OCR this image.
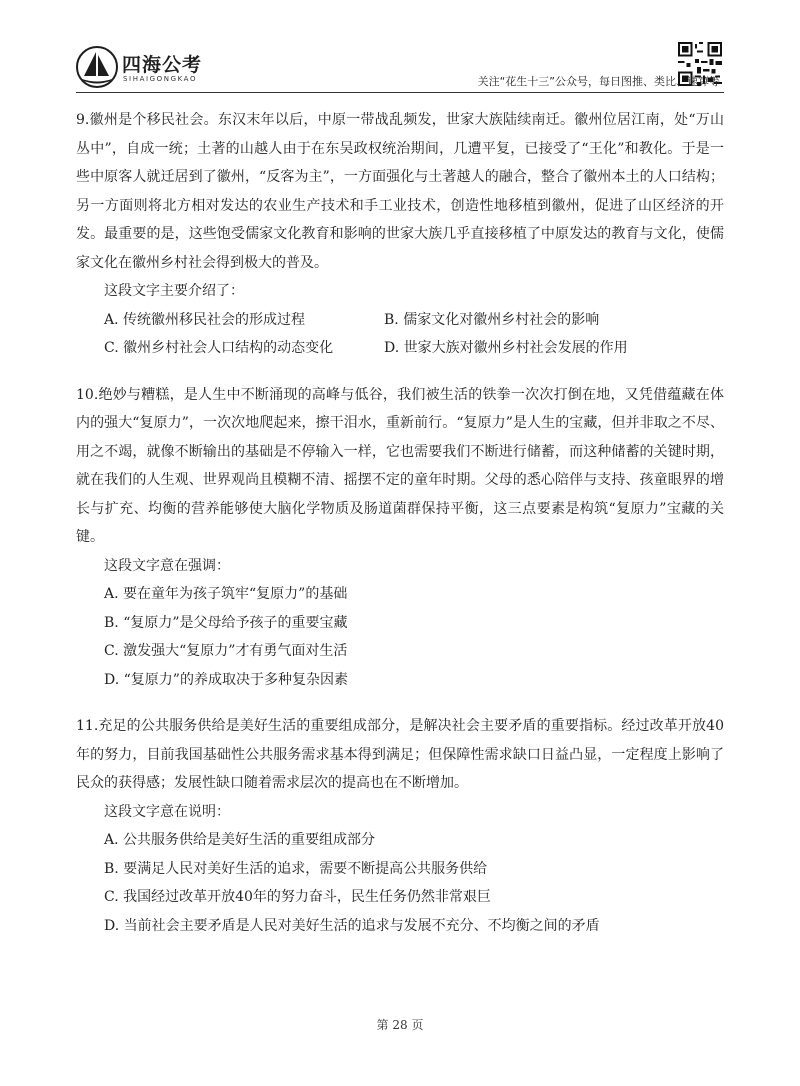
四海公考
SIHAIGONGKAO	关注“花生十三”公众号，每日图推、类比、速算等

9.徽州是个移民社会。东汉末年以后，中原一带战乱频发，世家大族陆续南迁。徽州位居江南，处“万山丛中”，自成一统；土著的山越人由于在东吴政权统治期间，几遭平复，已接受了“王化”和教化。于是一些中原客人就迁居到了徽州，“反客为主”，一方面强化与土著越人的融合，整合了徽州本土的人口结构；另一方面则将北方相对发达的农业生产技术和手工业技术，创造性地移植到徽州，促进了山区经济的开发。最重要的是，这些饱受儒家文化教育和影响的世家大族几乎直接移植了中原发达的教育与文化，使儒家文化在徽州乡村社会得到极大的普及。

这段文字主要介绍了：

A. 传统徽州移民社会的形成过程	B. 儒家文化对徽州乡村社会的影响

C. 徽州乡村社会人口结构的动态变化	D. 世家大族对徽州乡村社会发展的作用

10.绝妙与糟糕，是人生中不断涌现的高峰与低谷，我们被生活的铁拳一次次打倒在地，又凭借蕴藏在体内的强大“复原力”，一次次地爬起来，擦干泪水，重新前行。“复原力”是人生的宝藏，但并非取之不尽、用之不竭，就像不断输出的基础是不停输入一样，它也需要我们不断进行储蓄，而这种储蓄的关键时期，就在我们的人生观、世界观尚且模糊不清、摇摆不定的童年时期。父母的悉心陪伴与支持、孩童眼界的增长与扩充、均衡的营养能够使大脑化学物质及肠道菌群保持平衡，这三点要素是构筑“复原力”宝藏的关键。

这段文字意在强调：

A. 要在童年为孩子筑牢“复原力”的基础

B. “复原力”是父母给予孩子的重要宝藏

C. 激发强大“复原力”才有勇气面对生活

D. “复原力”的养成取决于多种复杂因素

11.充足的公共服务供给是美好生活的重要组成部分，是解决社会主要矛盾的重要指标。经过改革开放40年的努力，目前我国基础性公共服务需求基本得到满足；但保障性需求缺口日益凸显，一定程度上影响了民众的获得感；发展性缺口随着需求层次的提高也在不断增加。

这段文字意在说明：

A. 公共服务供给是美好生活的重要组成部分

B. 要满足人民对美好生活的追求，需要不断提高公共服务供给

C. 我国经过改革开放40年的努力奋斗，民生任务仍然非常艰巨

D. 当前社会主要矛盾是人民对美好生活的追求与发展不充分、不均衡之间的矛盾

第 28 页
